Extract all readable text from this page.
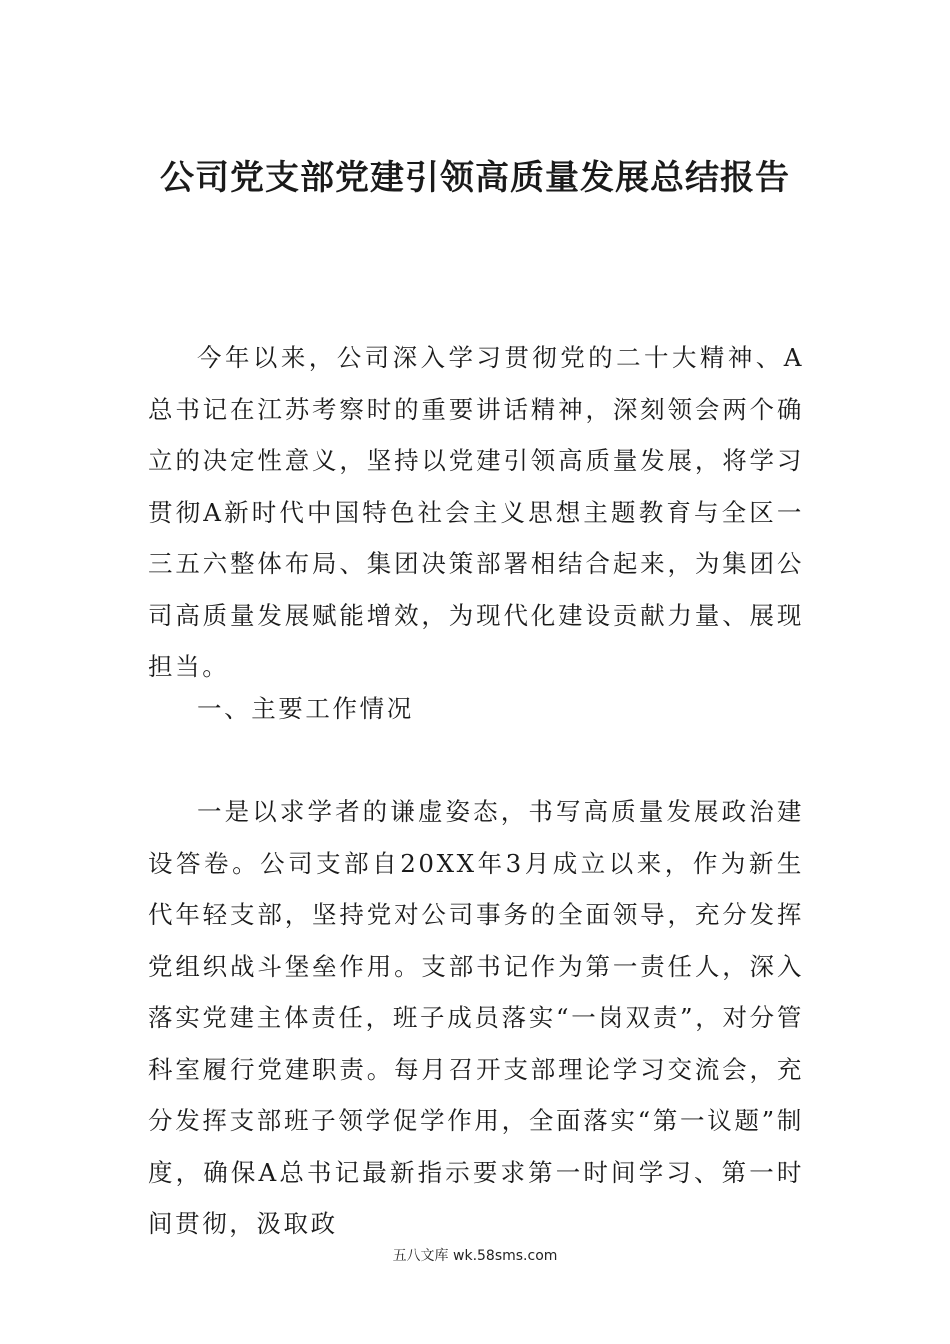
公司党支部党建引领高质量发展总结报告

今年以来，公司深入学习贯彻党的二十大精神、A总书记在江苏考察时的重要讲话精神，深刻领会两个确立的决定性意义，坚持以党建引领高质量发展，将学习贯彻A新时代中国特色社会主义思想主题教育与全区一三五六整体布局、集团决策部署相结合起来，为集团公司高质量发展赋能增效，为现代化建设贡献力量、展现担当。

一、主要工作情况

一是以求学者的谦虚姿态，书写高质量发展政治建设答卷。公司支部自20XX年3月成立以来，作为新生代年轻支部，坚持党对公司事务的全面领导，充分发挥党组织战斗堡垒作用。支部书记作为第一责任人，深入落实党建主体责任，班子成员落实“一岗双责”，对分管科室履行党建职责。每月召开支部理论学习交流会，充分发挥支部班子领学促学作用，全面落实“第一议题”制度，确保A总书记最新指示要求第一时间学习、第一时间贯彻，汲取政

五八文库 wk.58sms.com
